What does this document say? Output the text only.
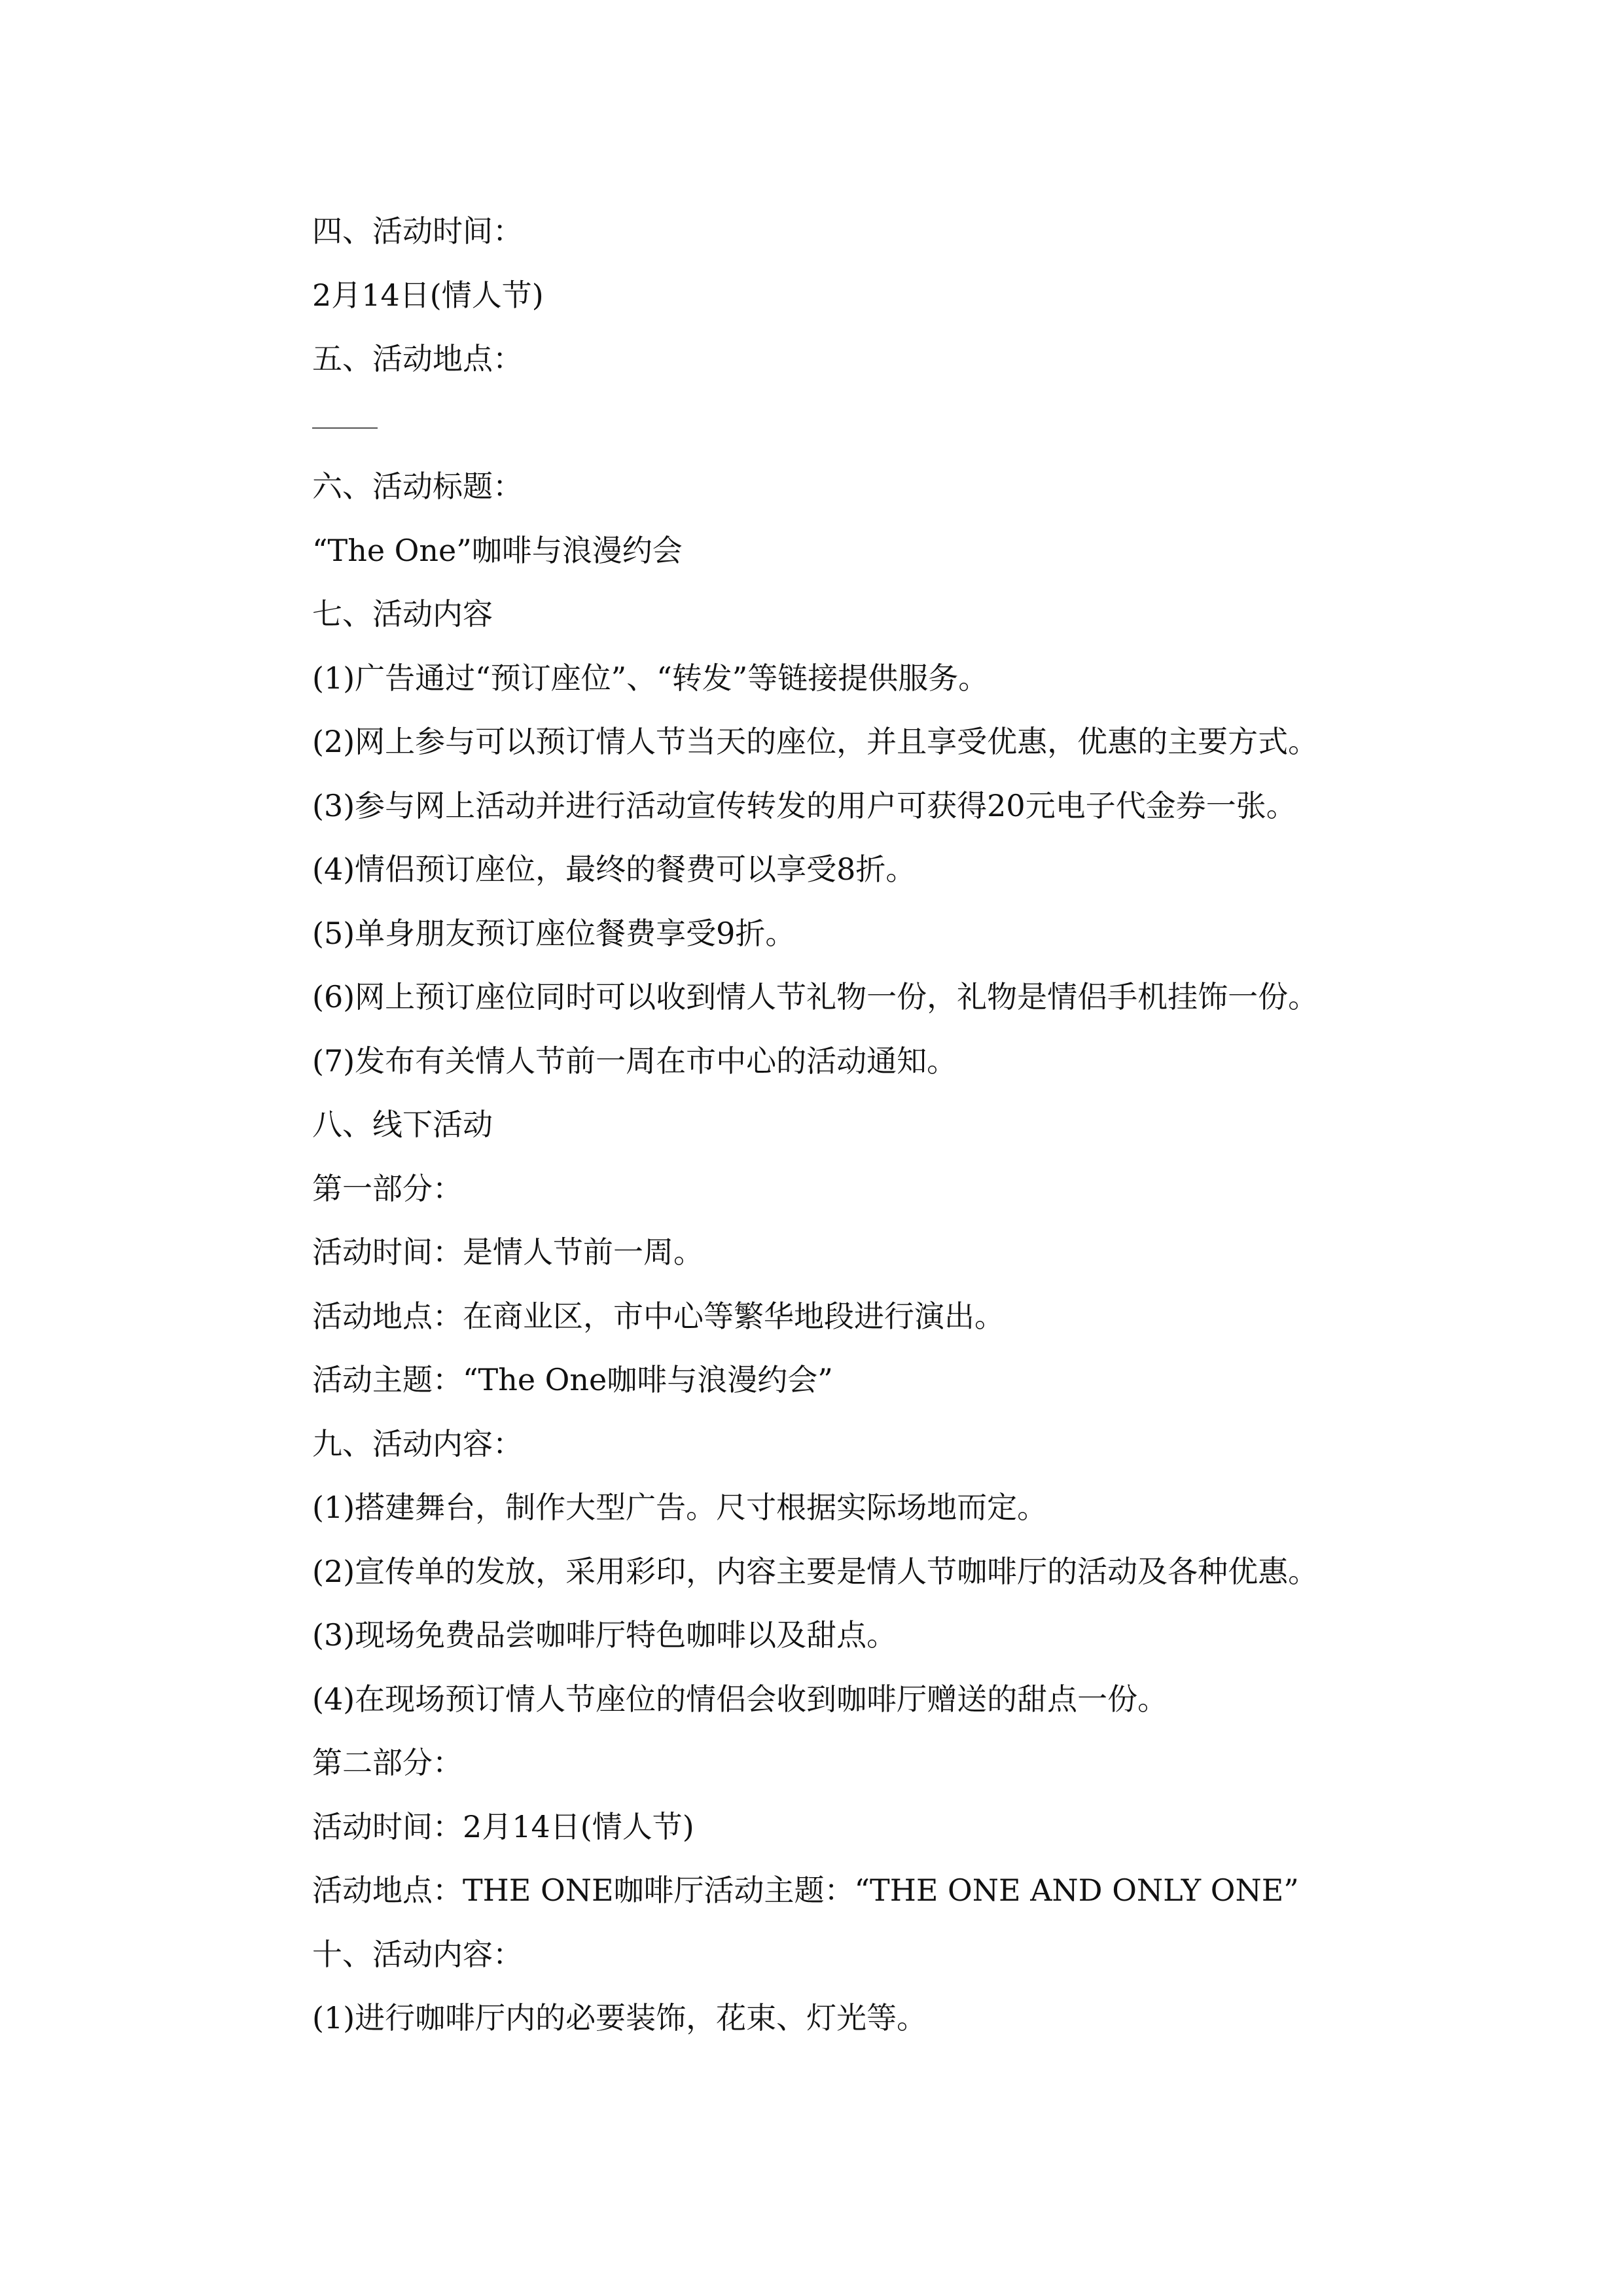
四、活动时间：
2月14日(情人节)
五、活动地点：
六、活动标题：
“The One”咖啡与浪漫约会
七、活动内容
(1)广告通过“预订座位”、“转发”等链接提供服务。
(2)网上参与可以预订情人节当天的座位，并且享受优惠，优惠的主要方式。
(3)参与网上活动并进行活动宣传转发的用户可获得20元电子代金券一张。
(4)情侣预订座位，最终的餐费可以享受8折。
(5)单身朋友预订座位餐费享受9折。
(6)网上预订座位同时可以收到情人节礼物一份，礼物是情侣手机挂饰一份。
(7)发布有关情人节前一周在市中心的活动通知。
八、线下活动
第一部分：
活动时间：是情人节前一周。
活动地点：在商业区，市中心等繁华地段进行演出。
活动主题：“The One咖啡与浪漫约会”
九、活动内容：
(1)搭建舞台，制作大型广告。尺寸根据实际场地而定。
(2)宣传单的发放，采用彩印，内容主要是情人节咖啡厅的活动及各种优惠。
(3)现场免费品尝咖啡厅特色咖啡以及甜点。
(4)在现场预订情人节座位的情侣会收到咖啡厅赠送的甜点一份。
第二部分：
活动时间：2月14日(情人节)
活动地点：THE ONE咖啡厅活动主题：“THE ONE AND ONLY ONE”
十、活动内容：
(1)进行咖啡厅内的必要装饰，花束、灯光等。
